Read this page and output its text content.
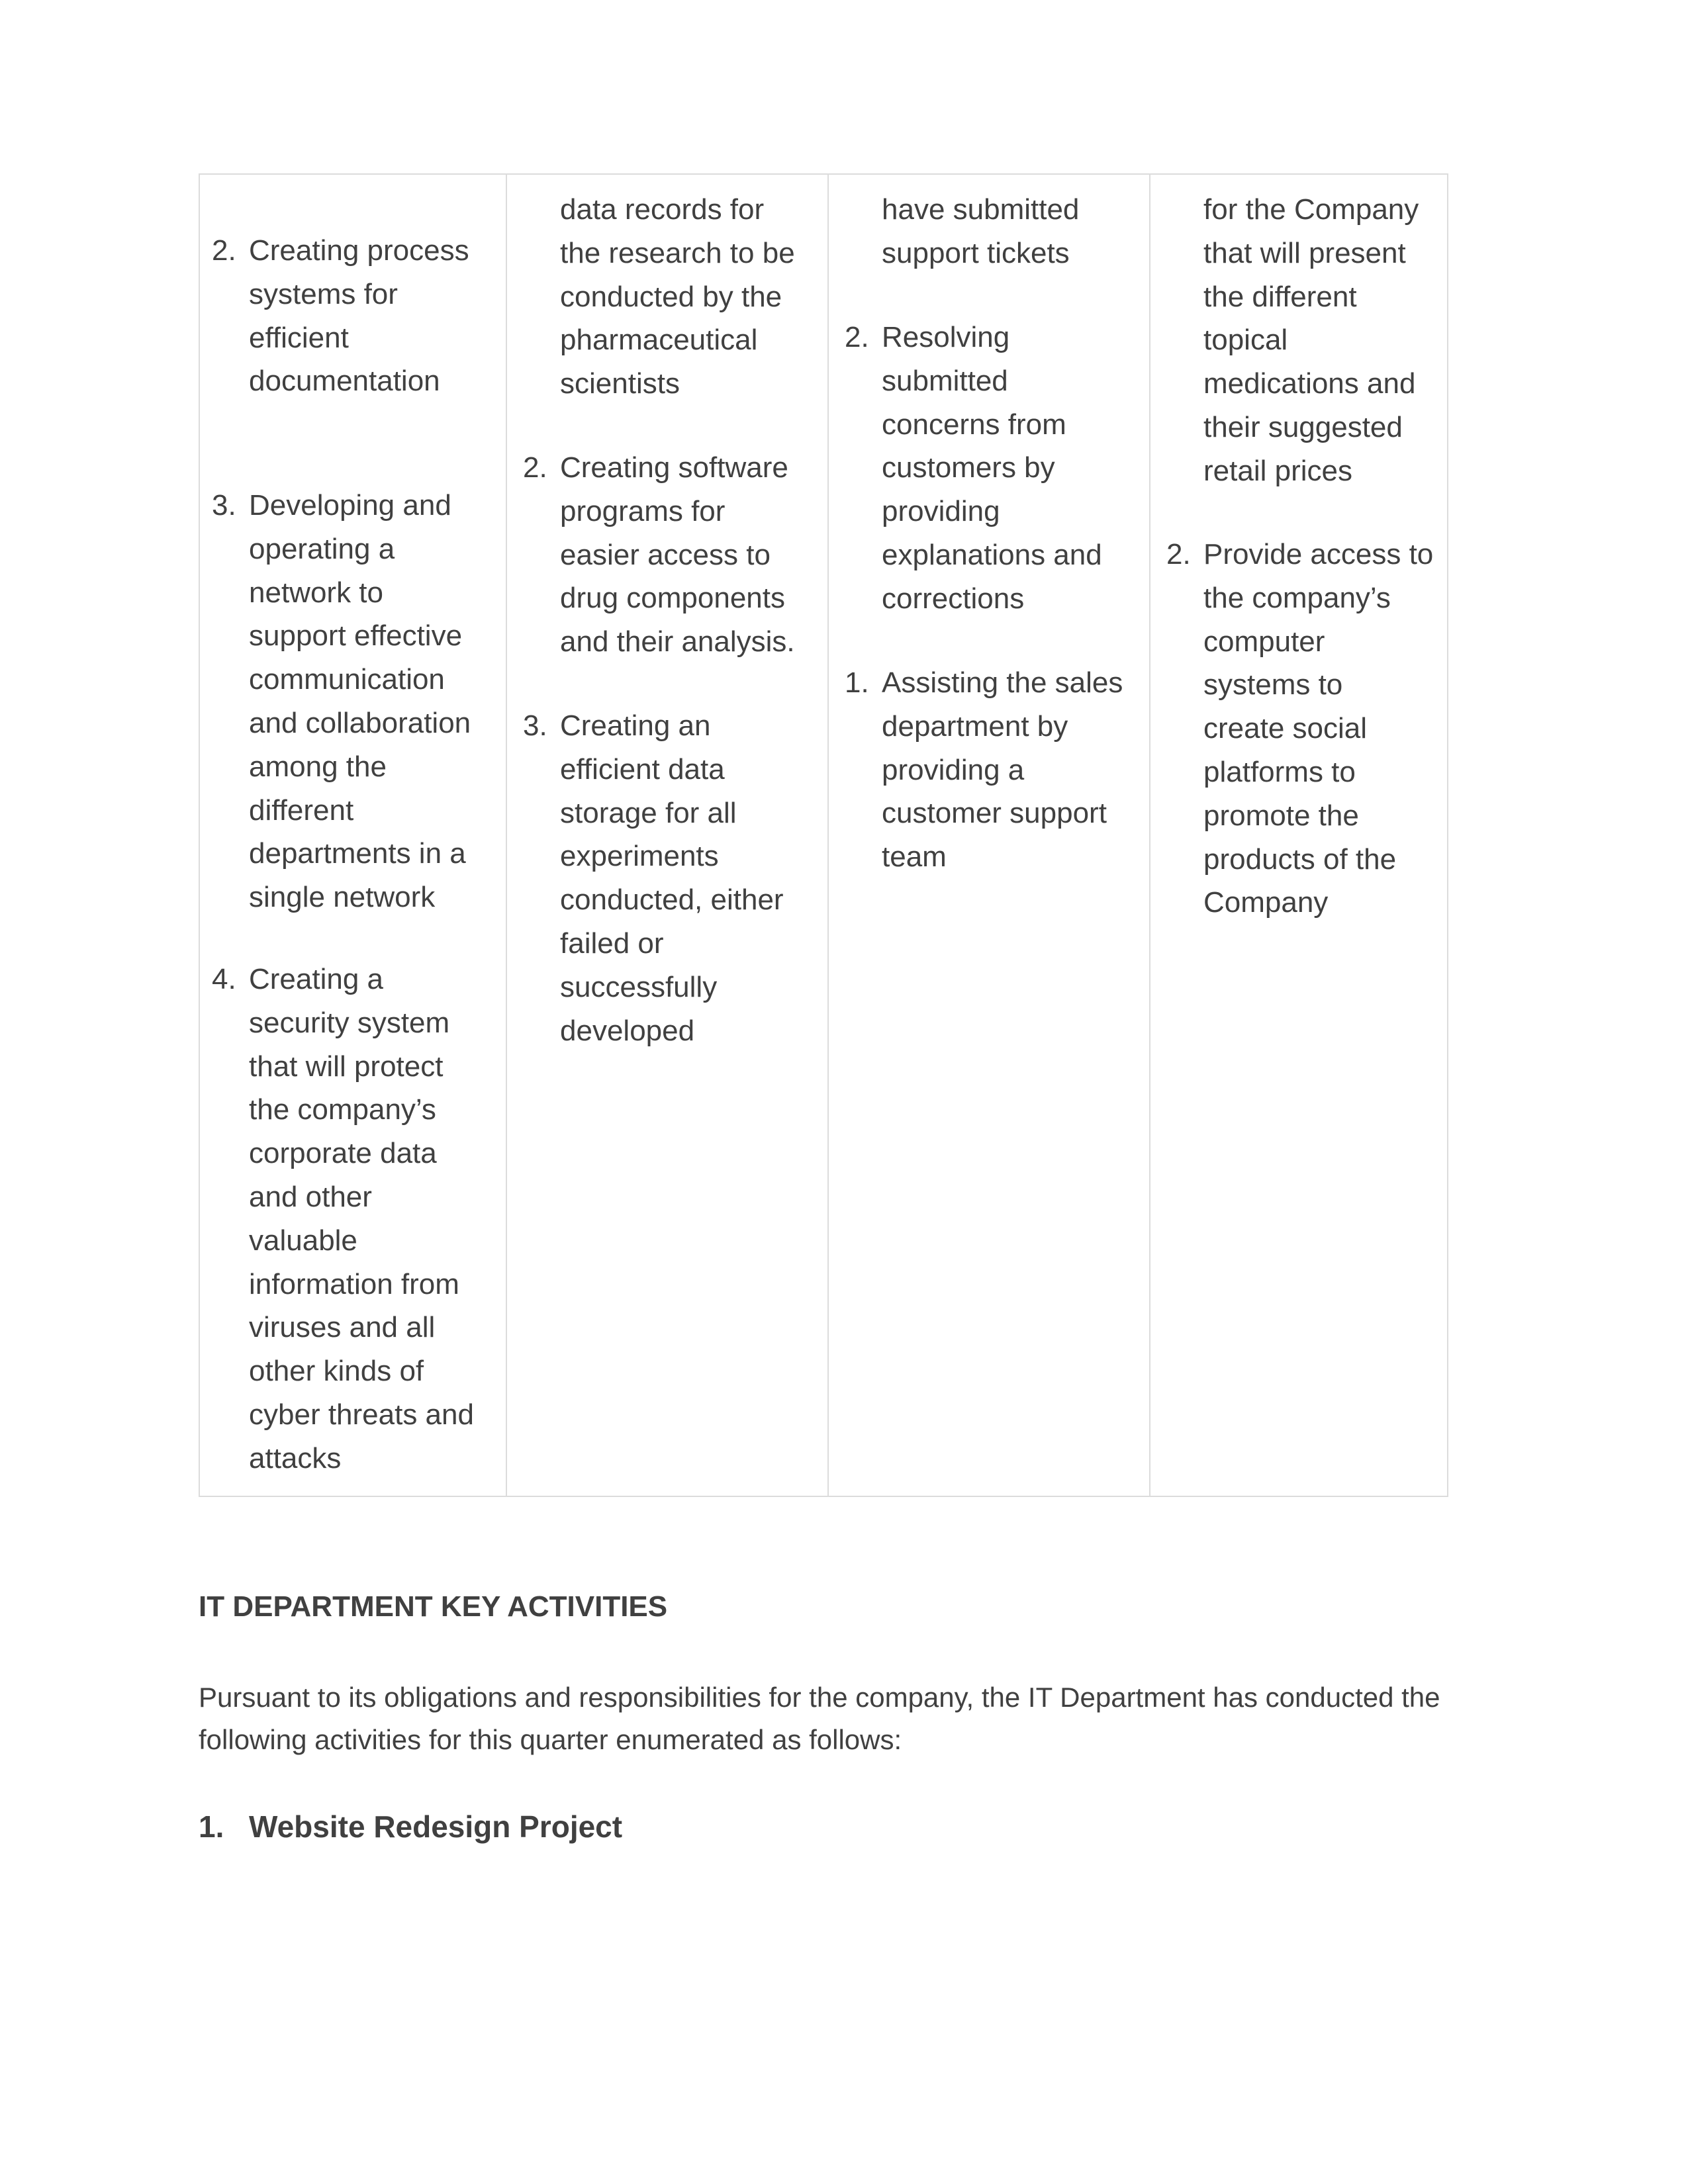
2. Creating process
systems for
efficient
documentation
3. Developing and
operating a
network to
support effective
communication
and collaboration
among the
different
departments in a
single network
4. Creating a
security system
that will protect
the company’s
corporate data
and other
valuable
information from
viruses and all
other kinds of
cyber threats and
attacks
data records for
the research to be
conducted by the
pharmaceutical
scientists
2. Creating software
programs for
easier access to
drug components
and their analysis.
3. Creating an
efficient data
storage for all
experiments
conducted, either
failed or
successfully
developed
have submitted
support tickets
2. Resolving
submitted
concerns from
customers by
providing
explanations and
corrections
1. Assisting the sales
department by
providing a
customer support
team
for the Company
that will present
the different
topical
medications and
their suggested
retail prices
2. Provide access to
the company’s
computer
systems to
create social
platforms to
promote the
products of the
Company
IT DEPARTMENT KEY ACTIVITIES
Pursuant to its obligations and responsibilities for the company, the IT Department has conducted the
following activities for this quarter enumerated as follows:
1. Website Redesign Project
